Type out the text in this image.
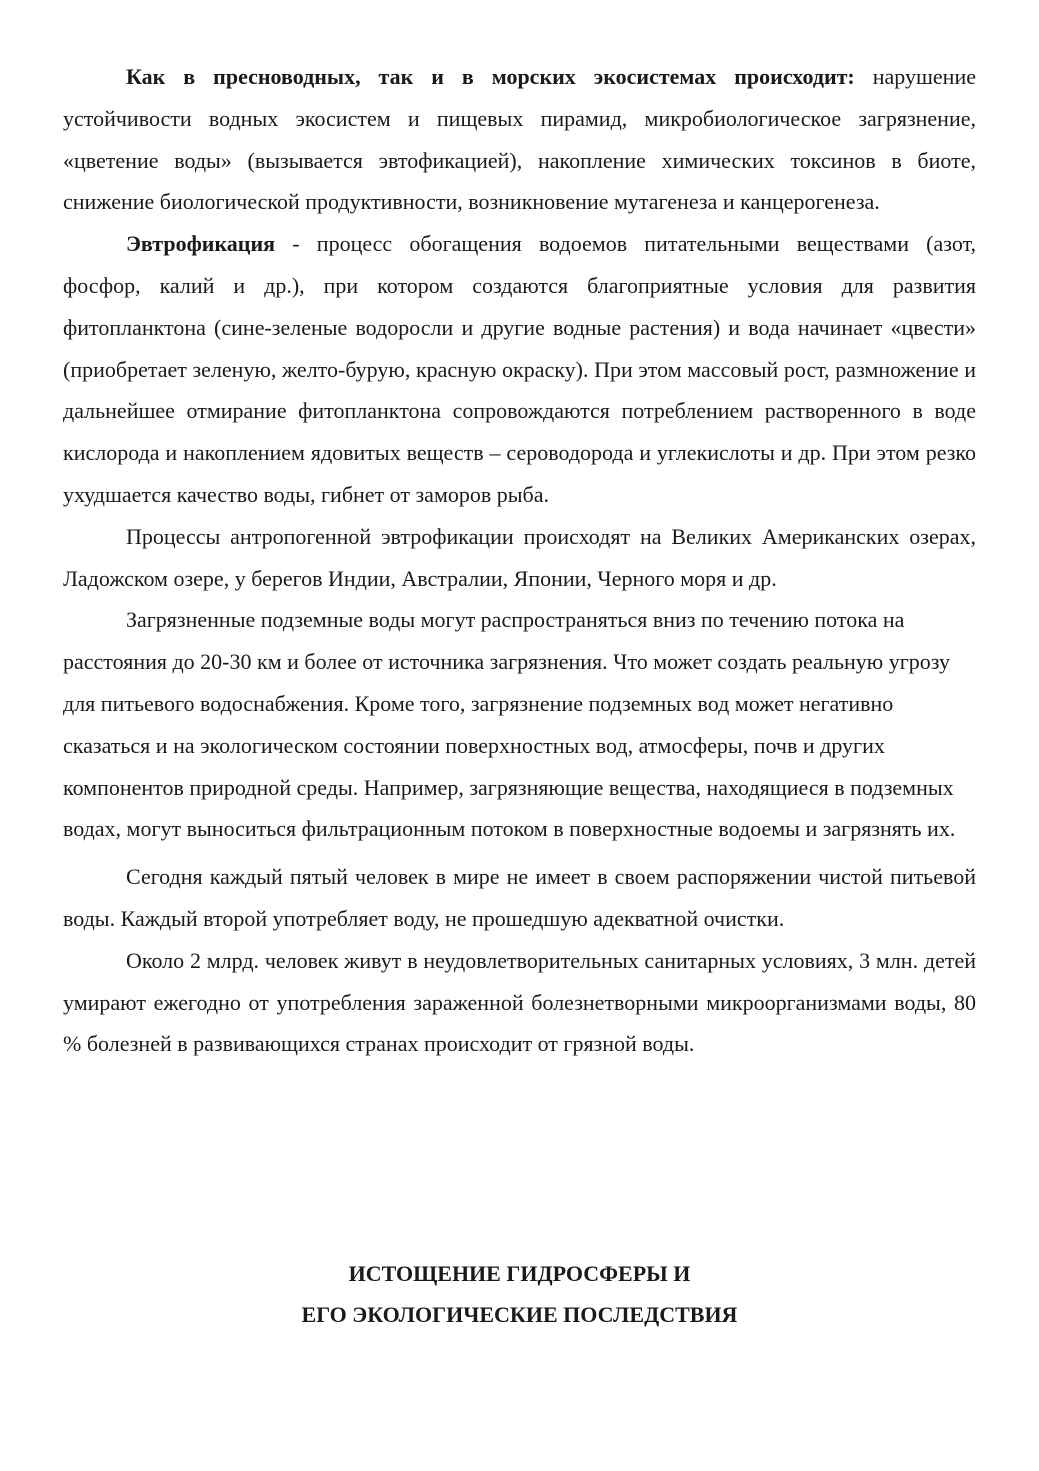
Как в пресноводных, так и в морских экосистемах происходит: нарушение устойчивости водных экосистем и пищевых пирамид, микробиологическое загрязнение, «цветение воды» (вызывается эвтофикацией), накопление химических токсинов в биоте, снижение биологической продуктивности, возникновение мутагенеза и канцерогенеза.

Эвтрофикация - процесс обогащения водоемов питательными веществами (азот, фосфор, калий и др.), при котором создаются благоприятные условия для развития фитопланктона (сине-зеленые водоросли и другие водные растения) и вода начинает «цвести» (приобретает зеленую, желто-бурую, красную окраску). При этом массовый рост, размножение и дальнейшее отмирание фитопланктона сопровождаются потреблением растворенного в воде кислорода и накоплением ядовитых веществ – сероводорода и углекислоты и др. При этом резко ухудшается качество воды, гибнет от заморов рыба.

Процессы антропогенной эвтрофикации происходят на Великих Американских озерах, Ладожском озере, у берегов Индии, Австралии, Японии, Черного моря и др.

Загрязненные подземные воды могут распространяться вниз по течению потока на расстояния до 20-30 км и более от источника загрязнения. Что может создать реальную угрозу для питьевого водоснабжения. Кроме того, загрязнение подземных вод может негативно сказаться и на экологическом состоянии поверхностных вод, атмосферы, почв и других компонентов природной среды. Например, загрязняющие вещества, находящиеся в подземных водах, могут выноситься фильтрационным потоком в поверхностные водоемы и загрязнять их.

Сегодня каждый пятый человек в мире не имеет в своем распоряжении чистой питьевой воды. Каждый второй употребляет воду, не прошедшую адекватной очистки.

Около 2 млрд. человек живут в неудовлетворительных санитарных условиях, 3 млн. детей умирают ежегодно от употребления зараженной болезнетворными микроорганизмами воды, 80 % болезней в развивающихся странах происходит от грязной воды.

ИСТОЩЕНИЕ ГИДРОСФЕРЫ И
ЕГО ЭКОЛОГИЧЕСКИЕ ПОСЛЕДСТВИЯ
